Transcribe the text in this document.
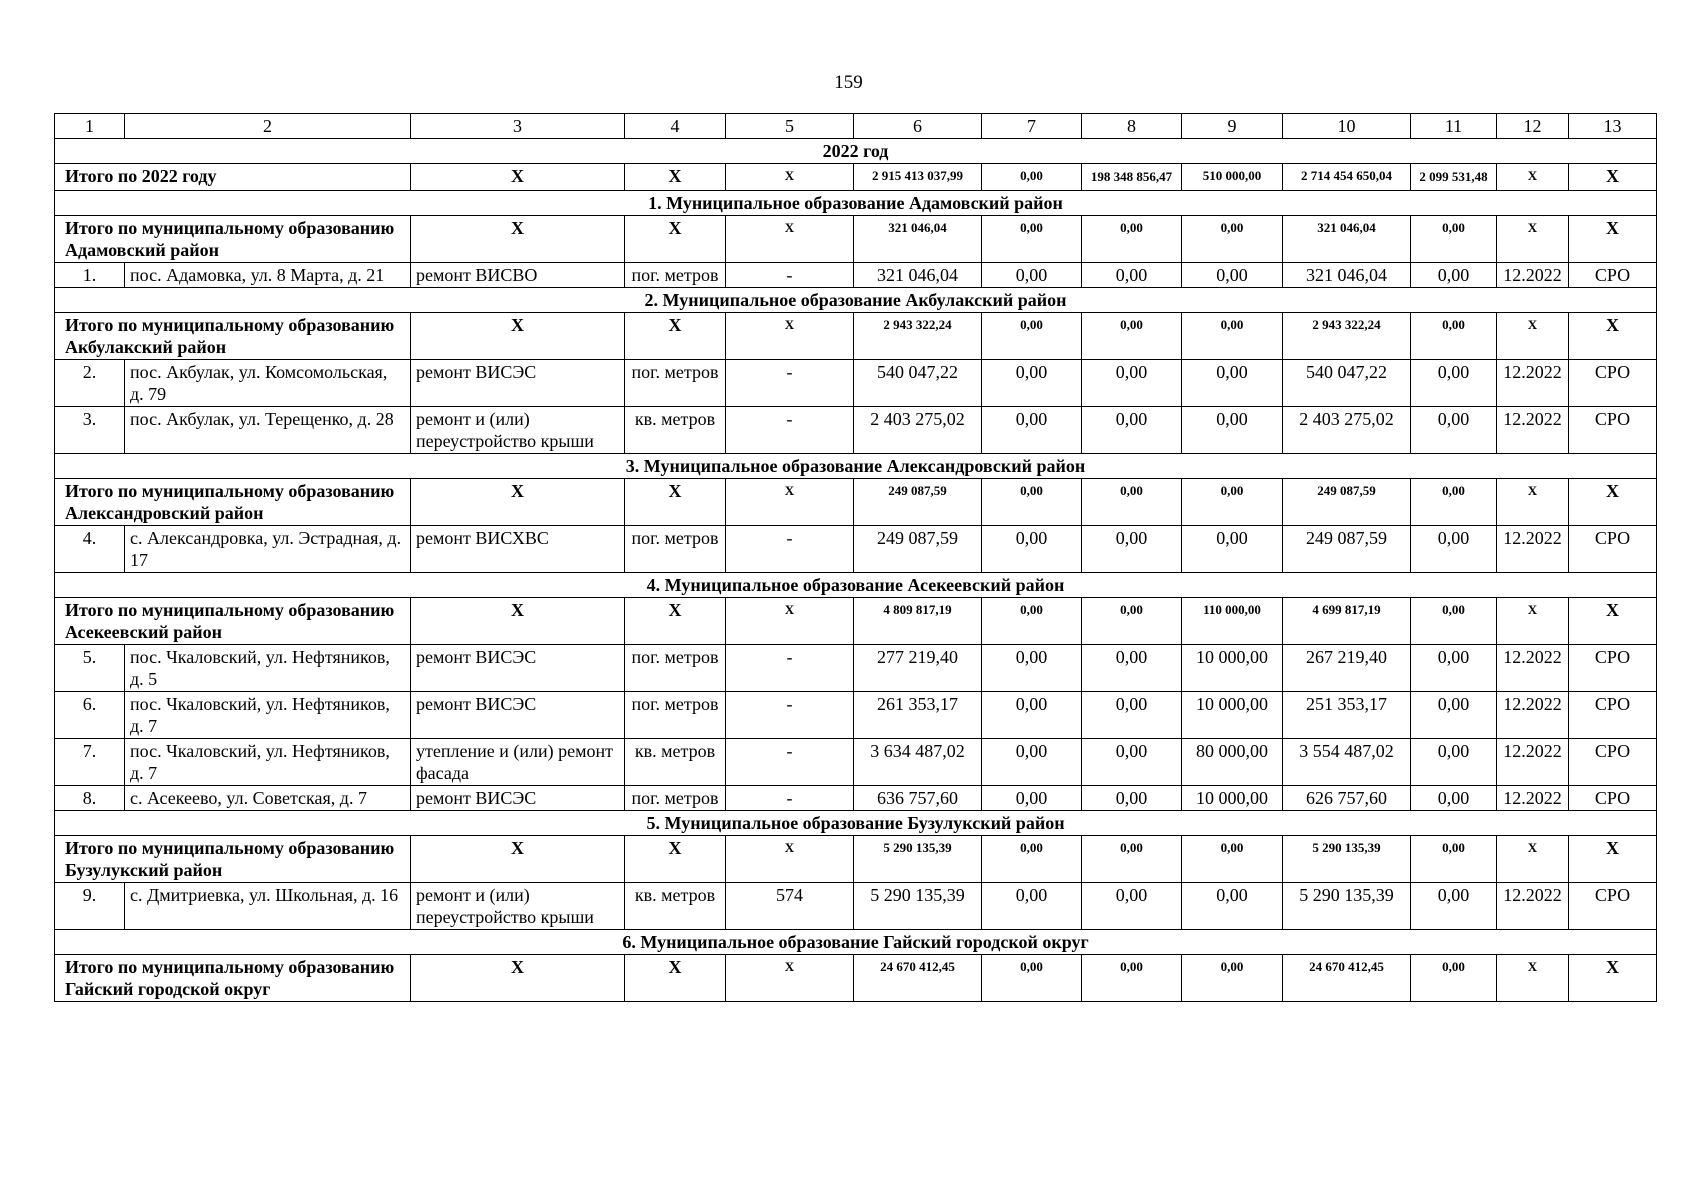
159
1	2	3	4	5	6	7	8	9	10	11	12	13
2022 год												
Итого по 2022 году		X	X	X	2 915 413 037,99	0,00	198 348 856,47	510 000,00	2 714 454 650,04	2 099 531,48	X	X
1. Муниципальное образование Адамовский район												
Итого по муниципальному образованию Адамовский район		X	X	X	321 046,04	0,00	0,00	0,00	321 046,04	0,00	X	X
1.	пос. Адамовка, ул. 8 Марта, д. 21	ремонт ВИСВО	пог. метров	-	321 046,04	0,00	0,00	0,00	321 046,04	0,00	12.2022	СРО
2. Муниципальное образование Акбулакский район												
Итого по муниципальному образованию Акбулакский район		X	X	X	2 943 322,24	0,00	0,00	0,00	2 943 322,24	0,00	X	X
2.	пос. Акбулак, ул. Комсомольская, д. 79	ремонт ВИСЭС	пог. метров	-	540 047,22	0,00	0,00	0,00	540 047,22	0,00	12.2022	СРО
3.	пос. Акбулак, ул. Терещенко, д. 28	ремонт и (или) переустройство крыши	кв. метров	-	2 403 275,02	0,00	0,00	0,00	2 403 275,02	0,00	12.2022	СРО
3. Муниципальное образование Александровский район												
Итого по муниципальному образованию Александровский район		X	X	X	249 087,59	0,00	0,00	0,00	249 087,59	0,00	X	X
4.	с. Александровка, ул. Эстрадная, д. 17	ремонт ВИСХВС	пог. метров	-	249 087,59	0,00	0,00	0,00	249 087,59	0,00	12.2022	СРО
4. Муниципальное образование Асекеевский район												
Итого по муниципальному образованию Асекеевский район		X	X	X	4 809 817,19	0,00	0,00	110 000,00	4 699 817,19	0,00	X	X
5.	пос. Чкаловский, ул. Нефтяников, д. 5	ремонт ВИСЭС	пог. метров	-	277 219,40	0,00	0,00	10 000,00	267 219,40	0,00	12.2022	СРО
6.	пос. Чкаловский, ул. Нефтяников, д. 7	ремонт ВИСЭС	пог. метров	-	261 353,17	0,00	0,00	10 000,00	251 353,17	0,00	12.2022	СРО
7.	пос. Чкаловский, ул. Нефтяников, д. 7	утепление и (или) ремонт фасада	кв. метров	-	3 634 487,02	0,00	0,00	80 000,00	3 554 487,02	0,00	12.2022	СРО
8.	с. Асекеево, ул. Советская, д. 7	ремонт ВИСЭС	пог. метров	-	636 757,60	0,00	0,00	10 000,00	626 757,60	0,00	12.2022	СРО
5. Муниципальное образование Бузулукский район												
Итого по муниципальному образованию Бузулукский район		X	X	X	5 290 135,39	0,00	0,00	0,00	5 290 135,39	0,00	X	X
9.	с. Дмитриевка, ул. Школьная, д. 16	ремонт и (или) переустройство крыши	кв. метров	574	5 290 135,39	0,00	0,00	0,00	5 290 135,39	0,00	12.2022	СРО
6. Муниципальное образование Гайский городской округ												
Итого по муниципальному образованию Гайский городской округ		X	X	X	24 670 412,45	0,00	0,00	0,00	24 670 412,45	0,00	X	X
